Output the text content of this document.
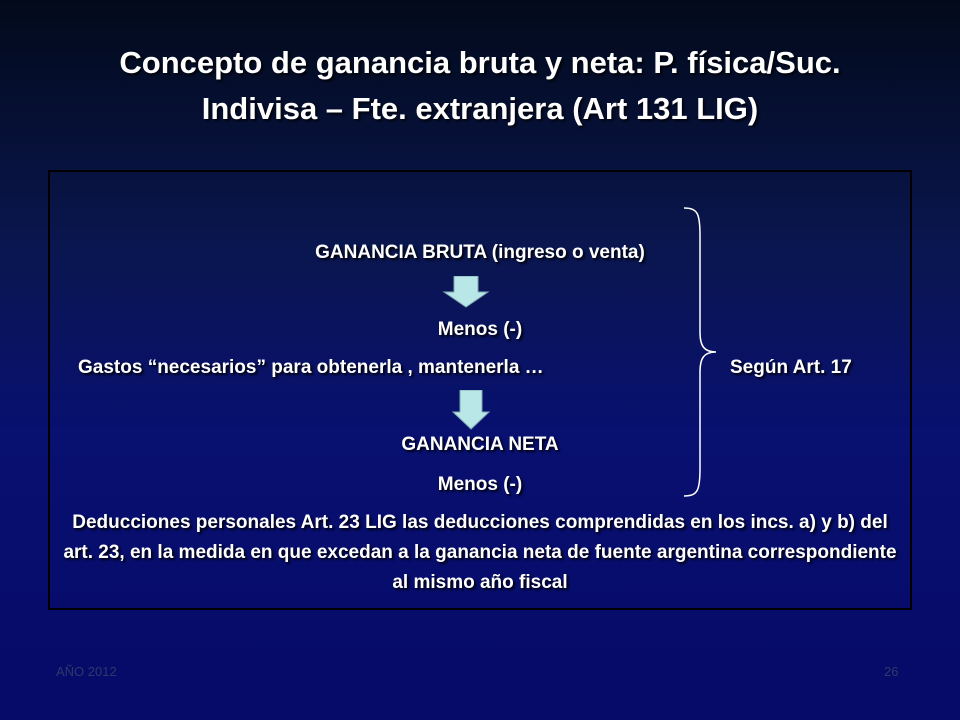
Concepto de ganancia bruta y neta: P. física/Suc.
Indivisa – Fte. extranjera (Art 131 LIG)
GANANCIA BRUTA (ingreso o venta)
Menos (-)
Gastos “necesarios” para obtenerla , mantenerla …	Según Art. 17
GANANCIA NETA
Menos (-)
Deducciones personales Art. 23 LIG las deducciones comprendidas en los incs. a) y b) del art. 23, en la medida en que excedan a la ganancia neta de fuente argentina correspondiente al mismo año fiscal
AÑO 2012	26
